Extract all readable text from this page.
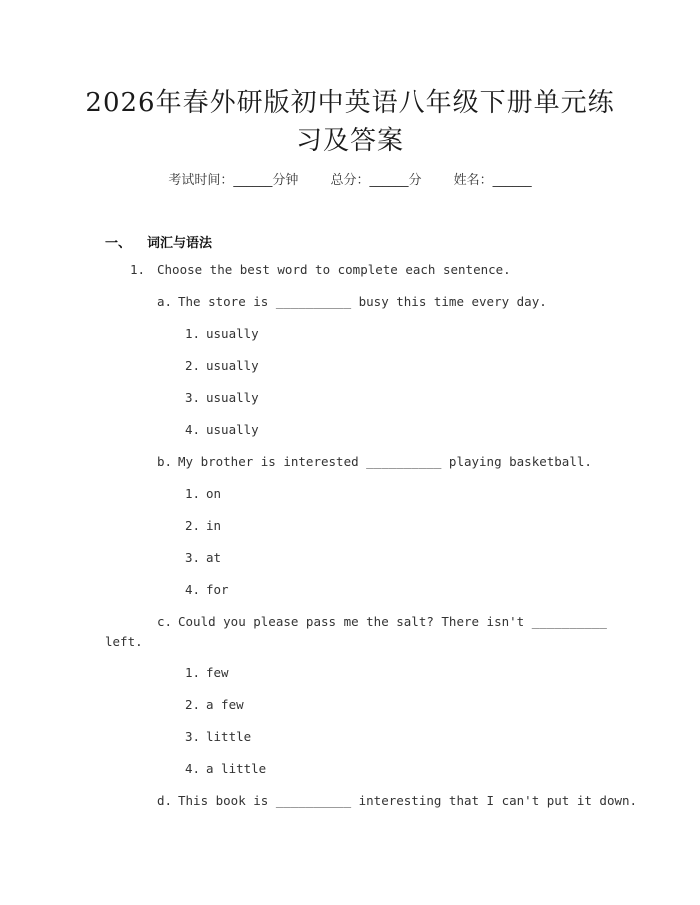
2026年春外研版初中英语八年级下册单元练
习及答案
考试时间：______分钟 总分：______分 姓名：______
一、 词汇与语法
1. Choose the best word to complete each sentence.
a. The store is __________ busy this time every day.
1. usually
2. usually
3. usually
4. usually
b. My brother is interested __________ playing basketball.
1. on
2. in
3. at
4. for
c. Could you please pass me the salt? There isn't __________
left.
1. few
2. a few
3. little
4. a little
d. This book is __________ interesting that I can't put it down.
